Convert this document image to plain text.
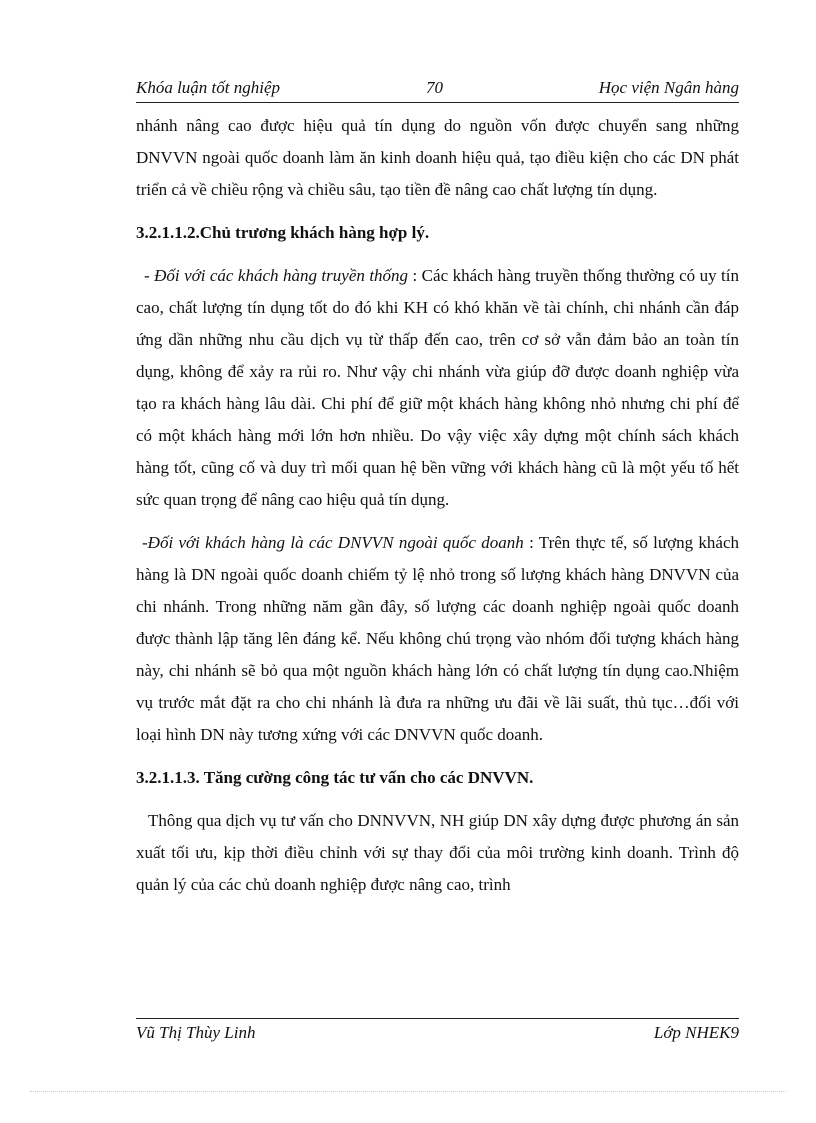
Khóa luận tốt nghiệp	70	Học viện Ngân hàng

nhánh nâng cao được hiệu quả tín dụng do nguồn vốn được chuyển sang những DNVVN ngoài quốc doanh làm ăn kinh doanh hiệu quả, tạo điều kiện cho các DN phát triển cả về chiều rộng và chiều sâu, tạo tiền đề nâng cao chất lượng tín dụng.

3.2.1.1.2.Chủ trương khách hàng hợp lý.

- Đối với các khách hàng truyền thống : Các khách hàng truyền thống thường có uy tín cao, chất lượng tín dụng tốt do đó khi KH có khó khăn về tài chính, chi nhánh cần đáp ứng dần những nhu cầu dịch vụ từ thấp đến cao, trên cơ sở vẫn đảm bảo an toàn tín dụng, không để xảy ra rủi ro. Như vậy chi nhánh vừa giúp đỡ được doanh nghiệp vừa tạo ra khách hàng lâu dài. Chi phí để giữ một khách hàng không nhỏ nhưng chi phí để có một khách hàng mới lớn hơn nhiều. Do vậy việc xây dựng một chính sách khách hàng tốt, cũng cố và duy trì mối quan hệ bền vững với khách hàng cũ là một yếu tố hết sức quan trọng để nâng cao hiệu quả tín dụng.

-Đối với khách hàng là các DNVVN ngoài quốc doanh : Trên thực tế, số lượng khách hàng là DN ngoài quốc doanh chiếm tỷ lệ nhỏ trong số lượng khách hàng DNVVN của chi nhánh. Trong những năm gần đây, số lượng các doanh nghiệp ngoài quốc doanh được thành lập tăng lên đáng kể. Nếu không chú trọng vào nhóm đối tượng khách hàng này, chi nhánh sẽ bỏ qua một nguồn khách hàng lớn có chất lượng tín dụng cao.Nhiệm vụ trước mắt đặt ra cho chi nhánh là đưa ra những ưu đãi về lãi suất, thủ tục…đối với loại hình DN này tương xứng với các DNVVN quốc doanh.

3.2.1.1.3. Tăng cường công tác tư vấn cho các DNVVN.

Thông qua dịch vụ tư vấn cho DNNVVN, NH giúp DN xây dựng được phương án sản xuất tối ưu, kịp thời điều chỉnh với sự thay đổi của môi trường kinh doanh. Trình độ quản lý của các chủ doanh nghiệp được nâng cao, trình

Vũ Thị Thùy Linh	Lớp NHEK9
